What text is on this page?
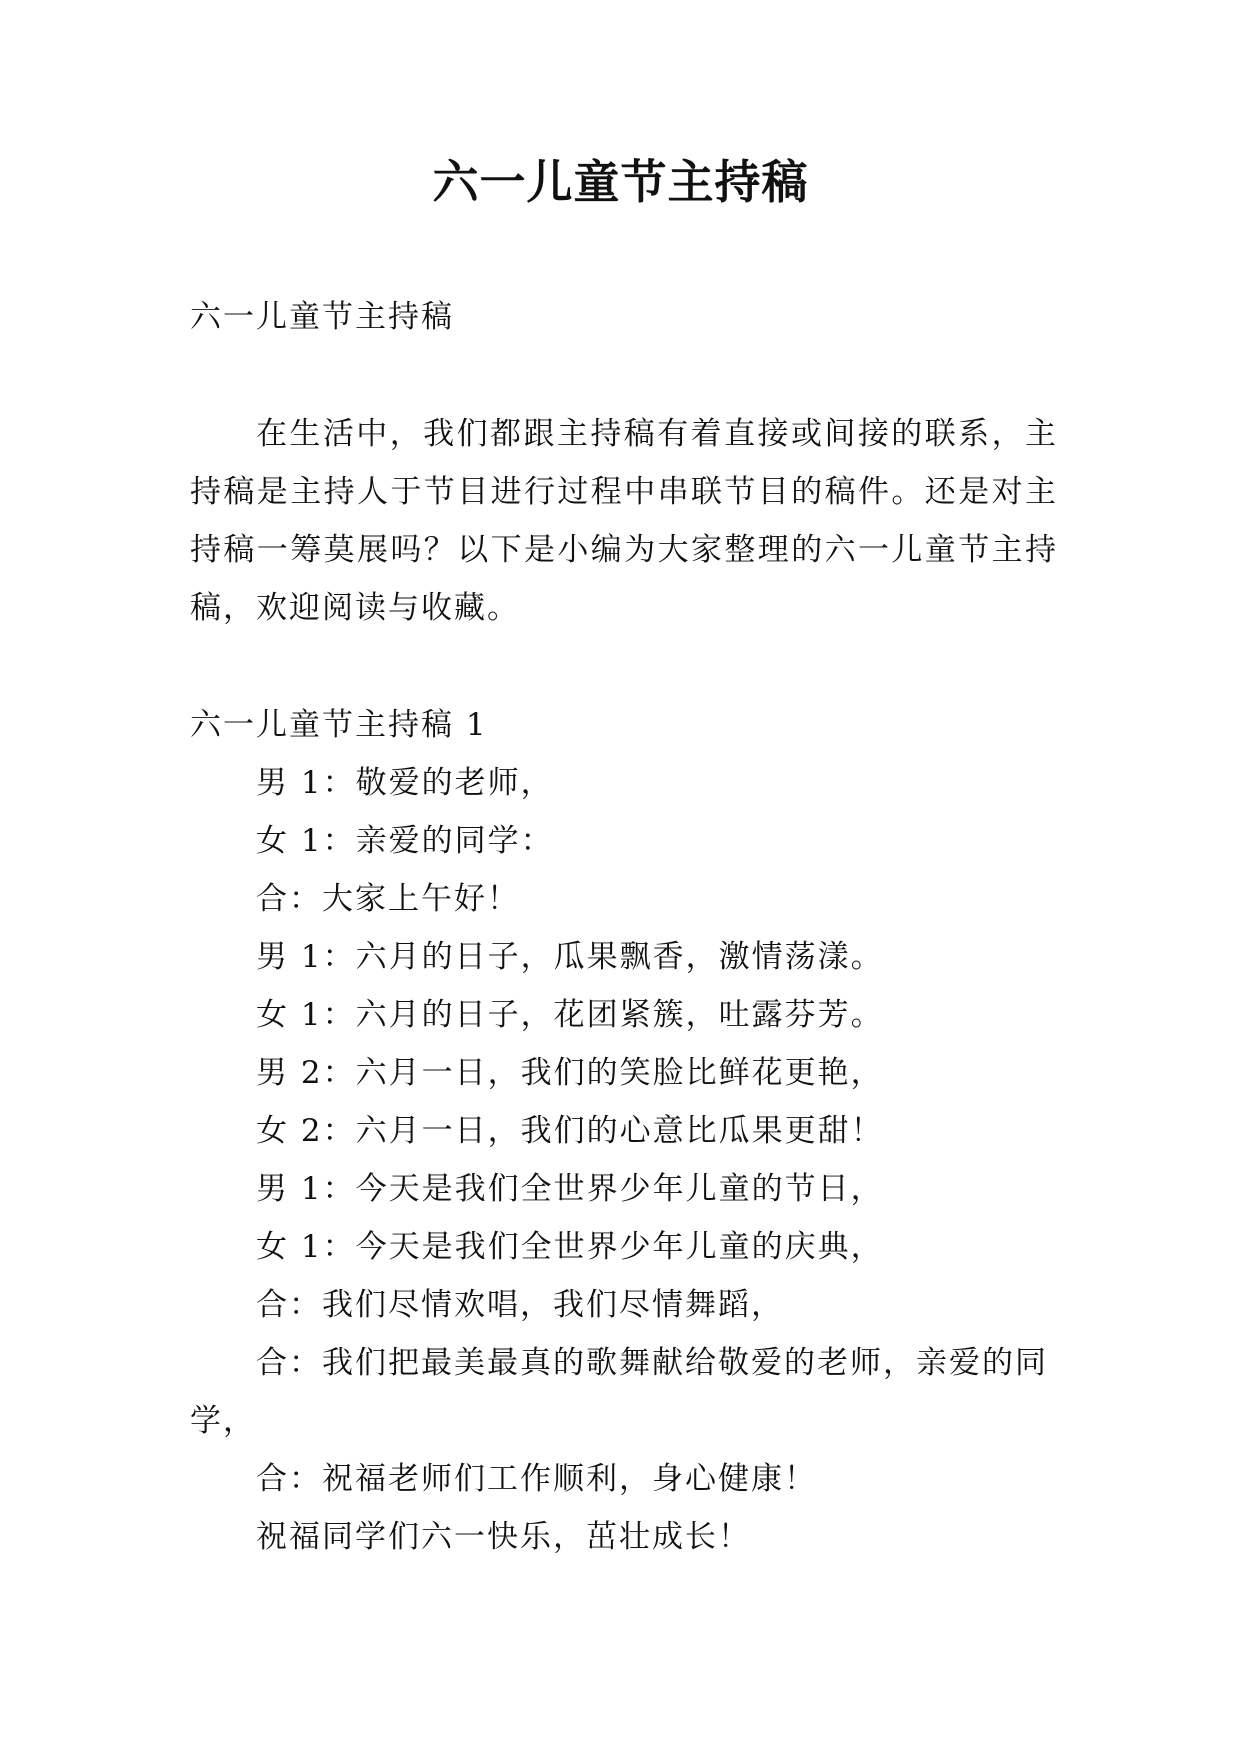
六一儿童节主持稿
六一儿童节主持稿
在生活中，我们都跟主持稿有着直接或间接的联系，主持稿是主持人于节目进行过程中串联节目的稿件。还是对主持稿一筹莫展吗？以下是小编为大家整理的六一儿童节主持稿，欢迎阅读与收藏。
六一儿童节主持稿 1
男 1：敬爱的老师，
女 1：亲爱的同学：
合：大家上午好！
男 1：六月的日子，瓜果飘香，激情荡漾。
女 1：六月的日子，花团紧簇，吐露芬芳。
男 2：六月一日，我们的笑脸比鲜花更艳，
女 2：六月一日，我们的心意比瓜果更甜！
男 1：今天是我们全世界少年儿童的节日，
女 1：今天是我们全世界少年儿童的庆典，
合：我们尽情欢唱，我们尽情舞蹈，
合：我们把最美最真的歌舞献给敬爱的老师，亲爱的同学，
合：祝福老师们工作顺利，身心健康！
祝福同学们六一快乐，茁壮成长！
